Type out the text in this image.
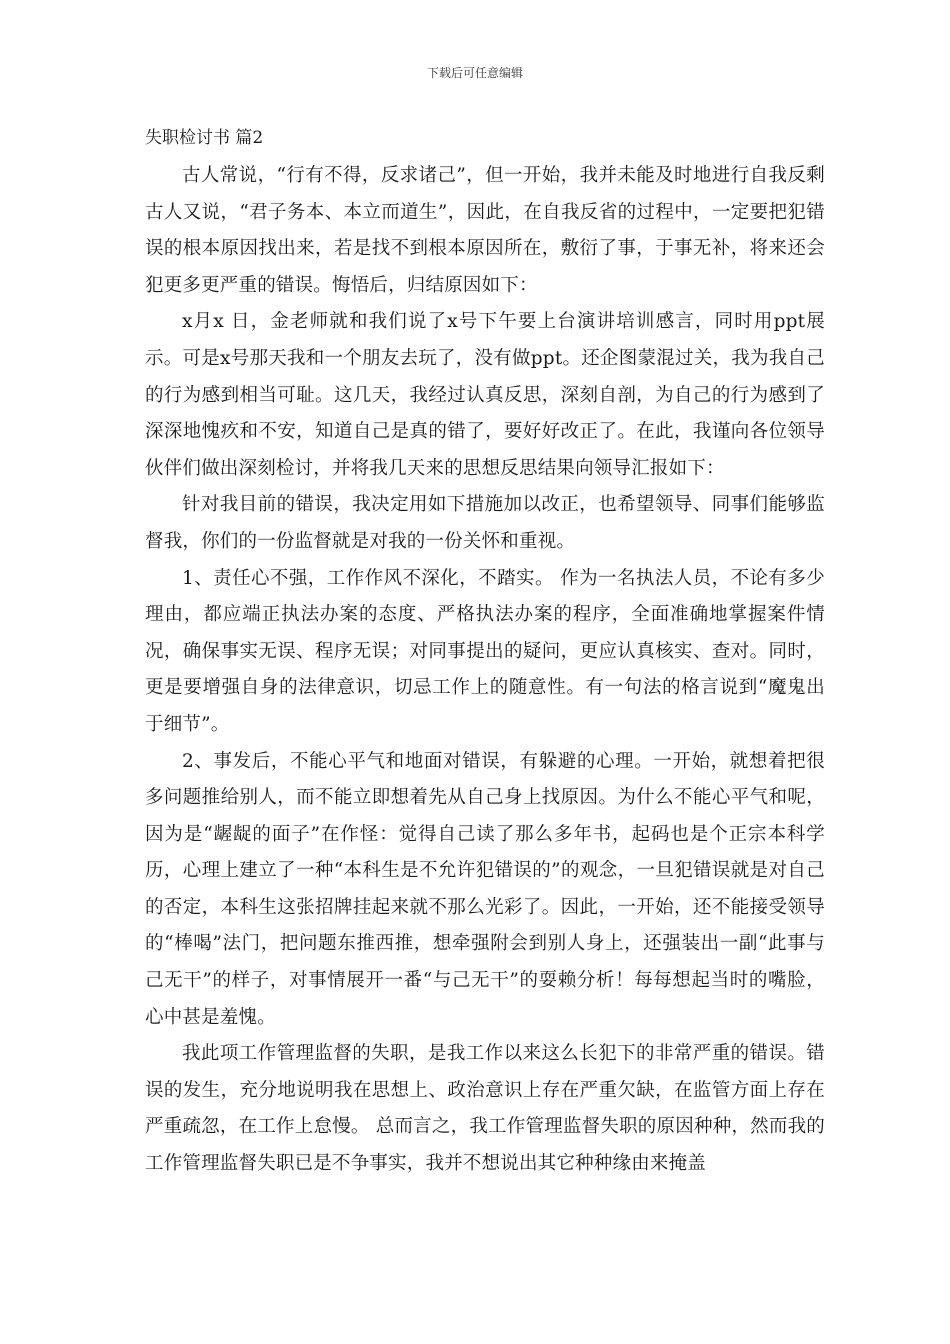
下载后可任意编辑
失职检讨书 篇2

古人常说，“行有不得，反求诸己”，但一开始，我并未能及时地进行自我反剩古人又说，“君子务本、本立而道生”，因此，在自我反省的过程中，一定要把犯错误的根本原因找出来，若是找不到根本原因所在，敷衍了事，于事无补，将来还会犯更多更严重的错误。悔悟后，归结原因如下：

x月x 日，金老师就和我们说了x号下午要上台演讲培训感言，同时用ppt展示。可是x号那天我和一个朋友去玩了，没有做ppt。还企图蒙混过关，我为我自己的行为感到相当可耻。这几天，我经过认真反思，深刻自剖，为自己的行为感到了深深地愧疚和不安，知道自己是真的错了，要好好改正了。在此，我谨向各位领导伙伴们做出深刻检讨，并将我几天来的思想反思结果向领导汇报如下：

针对我目前的错误，我决定用如下措施加以改正，也希望领导、同事们能够监督我，你们的一份监督就是对我的一份关怀和重视。

1、责任心不强，工作作风不深化，不踏实。 作为一名执法人员，不论有多少理由，都应端正执法办案的态度、严格执法办案的程序，全面准确地掌握案件情况，确保事实无误、程序无误；对同事提出的疑问，更应认真核实、查对。同时，更是要增强自身的法律意识，切忌工作上的随意性。有一句法的格言说到“魔鬼出于细节”。

2、事发后，不能心平气和地面对错误，有躲避的心理。一开始，就想着把很多问题推给别人，而不能立即想着先从自己身上找原因。为什么不能心平气和呢，因为是“龌龊的面子”在作怪：觉得自己读了那么多年书，起码也是个正宗本科学历，心理上建立了一种“本科生是不允许犯错误的”的观念，一旦犯错误就是对自己的否定，本科生这张招牌挂起来就不那么光彩了。因此，一开始，还不能接受领导的“棒喝”法门，把问题东推西推，想牵强附会到别人身上，还强装出一副“此事与己无干”的样子，对事情展开一番“与己无干”的耍赖分析！每每想起当时的嘴脸，心中甚是羞愧。

我此项工作管理监督的失职，是我工作以来这么长犯下的非常严重的错误。错误的发生，充分地说明我在思想上、政治意识上存在严重欠缺，在监管方面上存在严重疏忽，在工作上怠慢。 总而言之，我工作管理监督失职的原因种种，然而我的工作管理监督失职已是不争事实，我并不想说出其它种种缘由来掩盖
